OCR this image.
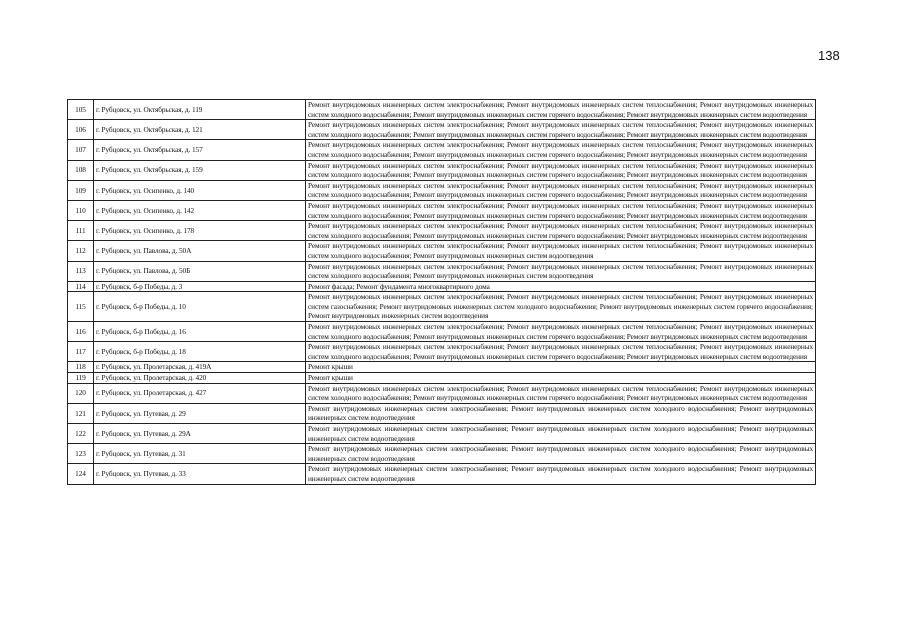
138
105	г. Рубцовск, ул. Октябрьская, д. 119	Ремонт внутридомовых инженерных систем электроснабжения; Ремонт внутридомовых инженерных систем теплоснабжения; Ремонт внутридомовых инженерных систем холодного водоснабжения; Ремонт внутридомовых инженерных систем горячего водоснабжения; Ремонт внутридомовых инженерных систем водоотведения
106	г. Рубцовск, ул. Октябрьская, д. 121	Ремонт внутридомовых инженерных систем электроснабжения; Ремонт внутридомовых инженерных систем теплоснабжения; Ремонт внутридомовых инженерных систем холодного водоснабжения; Ремонт внутридомовых инженерных систем горячего водоснабжения; Ремонт внутридомовых инженерных систем водоотведения
107	г. Рубцовск, ул. Октябрьская, д. 157	Ремонт внутридомовых инженерных систем электроснабжения; Ремонт внутридомовых инженерных систем теплоснабжения; Ремонт внутридомовых инженерных систем холодного водоснабжения; Ремонт внутридомовых инженерных систем горячего водоснабжения; Ремонт внутридомовых инженерных систем водоотведения
108	г. Рубцовск, ул. Октябрьская, д. 159	Ремонт внутридомовых инженерных систем электроснабжения; Ремонт внутридомовых инженерных систем теплоснабжения; Ремонт внутридомовых инженерных систем холодного водоснабжения; Ремонт внутридомовых инженерных систем горячего водоснабжения; Ремонт внутридомовых инженерных систем водоотведения
109	г. Рубцовск, ул. Осипенко, д. 140	Ремонт внутридомовых инженерных систем электроснабжения; Ремонт внутридомовых инженерных систем теплоснабжения; Ремонт внутридомовых инженерных систем холодного водоснабжения; Ремонт внутридомовых инженерных систем горячего водоснабжения; Ремонт внутридомовых инженерных систем водоотведения
110	г. Рубцовск, ул. Осипенко, д. 142	Ремонт внутридомовых инженерных систем электроснабжения; Ремонт внутридомовых инженерных систем теплоснабжения; Ремонт внутридомовых инженерных систем холодного водоснабжения; Ремонт внутридомовых инженерных систем горячего водоснабжения; Ремонт внутридомовых инженерных систем водоотведения
111	г. Рубцовск, ул. Осипенко, д. 178	Ремонт внутридомовых инженерных систем электроснабжения; Ремонт внутридомовых инженерных систем теплоснабжения; Ремонт внутридомовых инженерных систем холодного водоснабжения; Ремонт внутридомовых инженерных систем горячего водоснабжения; Ремонт внутридомовых инженерных систем водоотведения
112	г. Рубцовск, ул. Павлова, д. 50А	Ремонт внутридомовых инженерных систем электроснабжения; Ремонт внутридомовых инженерных систем теплоснабжения; Ремонт внутридомовых инженерных систем холодного водоснабжения; Ремонт внутридомовых инженерных систем водоотведения
113	г. Рубцовск, ул. Павлова, д. 50Б	Ремонт внутридомовых инженерных систем электроснабжения; Ремонт внутридомовых инженерных систем теплоснабжения; Ремонт внутридомовых инженерных систем холодного водоснабжения; Ремонт внутридомовых инженерных систем водоотведения
114	г. Рубцовск, б-р Победы, д. 3	Ремонт фасада; Ремонт фундамента многоквартирного дома
115	г. Рубцовск, б-р Победы, д. 10	Ремонт внутридомовых инженерных систем электроснабжения; Ремонт внутридомовых инженерных систем теплоснабжения; Ремонт внутридомовых инженерных систем газоснабжения; Ремонт внутридомовых инженерных систем холодного водоснабжения; Ремонт внутридомовых инженерных систем горячего водоснабжения; Ремонт внутридомовых инженерных систем водоотведения
116	г. Рубцовск, б-р Победы, д. 16	Ремонт внутридомовых инженерных систем электроснабжения; Ремонт внутридомовых инженерных систем теплоснабжения; Ремонт внутридомовых инженерных систем холодного водоснабжения; Ремонт внутридомовых инженерных систем горячего водоснабжения; Ремонт внутридомовых инженерных систем водоотведения
117	г. Рубцовск, б-р Победы, д. 18	Ремонт внутридомовых инженерных систем электроснабжения; Ремонт внутридомовых инженерных систем теплоснабжения; Ремонт внутридомовых инженерных систем холодного водоснабжения; Ремонт внутридомовых инженерных систем горячего водоснабжения; Ремонт внутридомовых инженерных систем водоотведения
118	г. Рубцовск, ул. Пролетарская, д. 419А	Ремонт крыши
119	г. Рубцовск, ул. Пролетарская, д. 420	Ремонт крыши
120	г. Рубцовск, ул. Пролетарская, д. 427	Ремонт внутридомовых инженерных систем электроснабжения; Ремонт внутридомовых инженерных систем теплоснабжения; Ремонт внутридомовых инженерных систем холодного водоснабжения; Ремонт внутридомовых инженерных систем горячего водоснабжения; Ремонт внутридомовых инженерных систем водоотведения
121	г. Рубцовск, ул. Путевая, д. 29	Ремонт внутридомовых инженерных систем электроснабжения; Ремонт внутридомовых инженерных систем холодного водоснабжения; Ремонт внутридомовых инженерных систем водоотведения
122	г. Рубцовск, ул. Путевая, д. 29А	Ремонт внутридомовых инженерных систем электроснабжения; Ремонт внутридомовых инженерных систем холодного водоснабжения; Ремонт внутридомовых инженерных систем водоотведения
123	г. Рубцовск, ул. Путевая, д. 31	Ремонт внутридомовых инженерных систем электроснабжения; Ремонт внутридомовых инженерных систем холодного водоснабжения; Ремонт внутридомовых инженерных систем водоотведения
124	г. Рубцовск, ул. Путевая, д. 33	Ремонт внутридомовых инженерных систем электроснабжения; Ремонт внутридомовых инженерных систем холодного водоснабжения; Ремонт внутридомовых инженерных систем водоотведения
